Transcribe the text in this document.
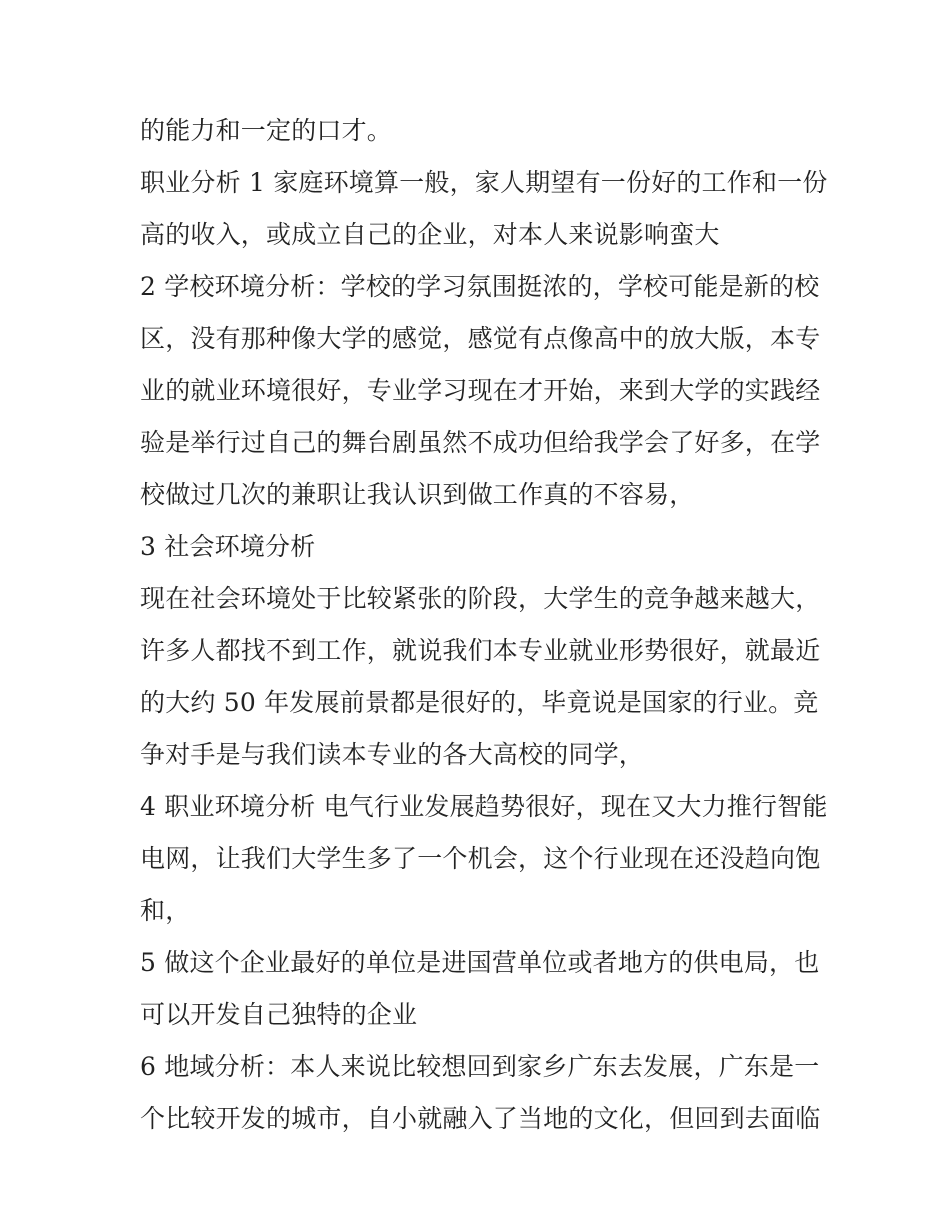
的能力和一定的口才。
职业分析 1 家庭环境算一般，家人期望有一份好的工作和一份
高的收入，或成立自己的企业，对本人来说影响蛮大
2 学校环境分析：学校的学习氛围挺浓的，学校可能是新的校
区，没有那种像大学的感觉，感觉有点像高中的放大版，本专
业的就业环境很好，专业学习现在才开始，来到大学的实践经
验是举行过自己的舞台剧虽然不成功但给我学会了好多，在学
校做过几次的兼职让我认识到做工作真的不容易，
3 社会环境分析
现在社会环境处于比较紧张的阶段，大学生的竞争越来越大，
许多人都找不到工作，就说我们本专业就业形势很好，就最近
的大约 50 年发展前景都是很好的，毕竟说是国家的行业。竞
争对手是与我们读本专业的各大高校的同学，
4 职业环境分析 电气行业发展趋势很好，现在又大力推行智能
电网，让我们大学生多了一个机会，这个行业现在还没趋向饱
和，
5 做这个企业最好的单位是进国营单位或者地方的供电局，也
可以开发自己独特的企业
6 地域分析：本人来说比较想回到家乡广东去发展，广东是一
个比较开发的城市，自小就融入了当地的文化，但回到去面临
